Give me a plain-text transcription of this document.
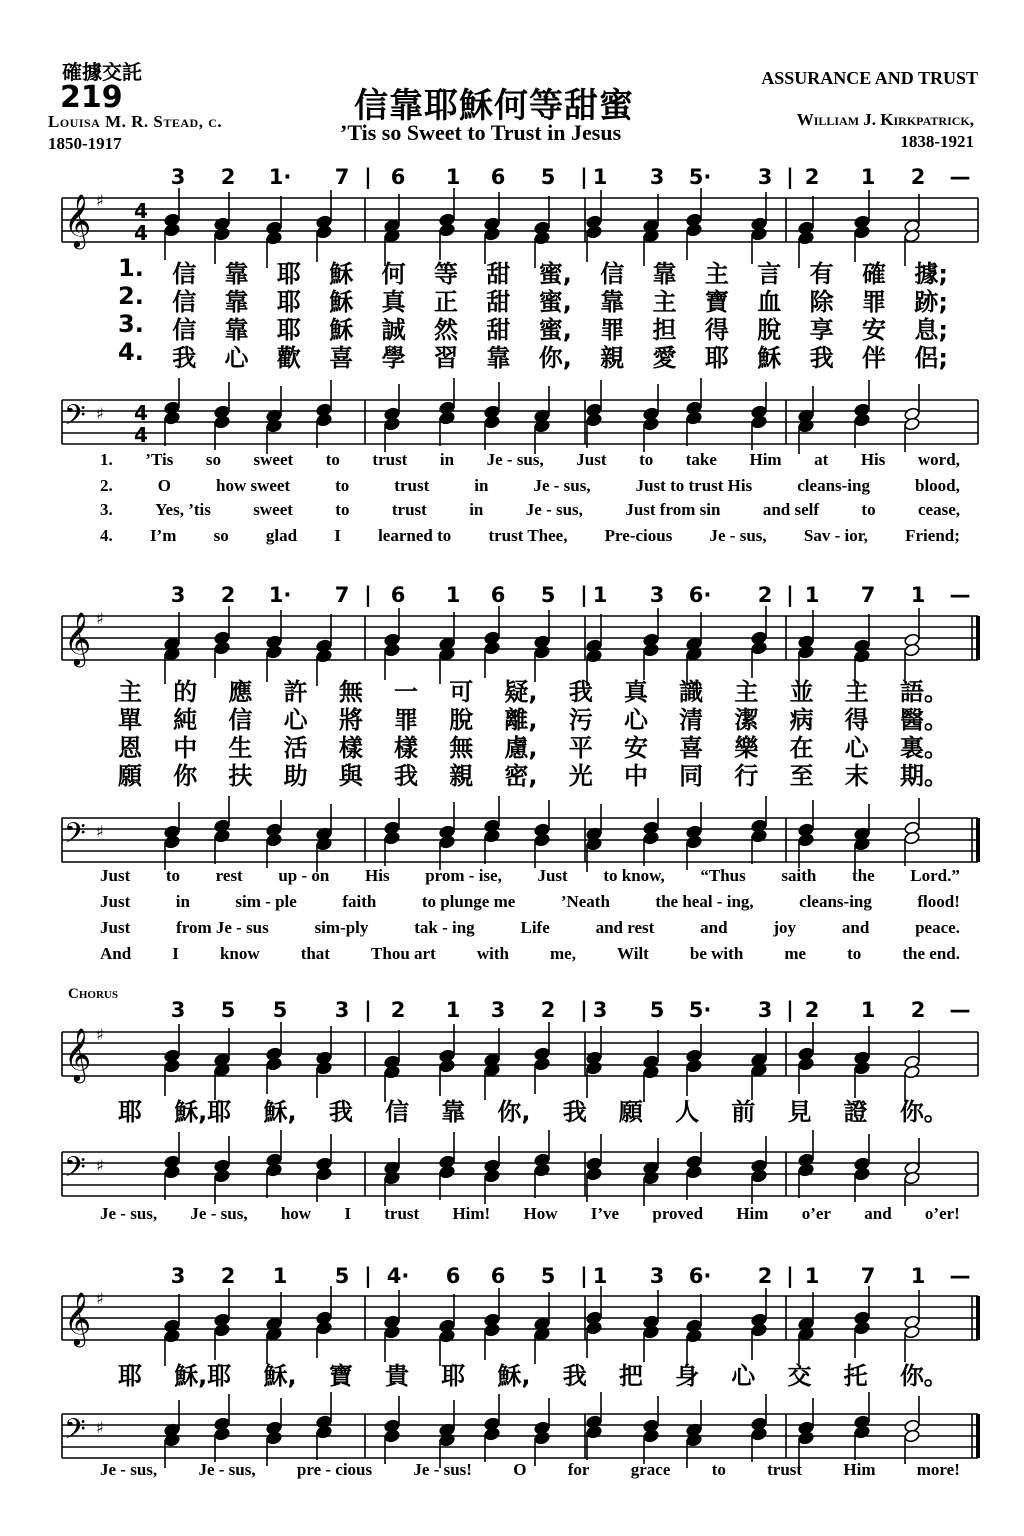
確據交託
219
Louisa M. R. Stead, c.
1850-1917
信靠耶穌何等甜蜜
’Tis so Sweet to Trust in Jesus
ASSURANCE AND TRUST
William J. Kirkpatrick,
1838-1921
Chorus
𝄞 ♯
𝄢 ♯
4
4
4
4
𝄞 ♯
𝄢 ♯
𝄞 ♯
𝄢 ♯
𝄞 ♯
𝄢 ♯
3 2 1· 7 | 6 1 6 5 | 1 3 5· 3 | 2 1 2 —
1. 信 靠 耶 穌 何 等 甜 蜜, 信 靠 主 言 有 確 據;
2. 信 靠 耶 穌 真 正 甜 蜜, 靠 主 寶 血 除 罪 跡;
3. 信 靠 耶 穌 誠 然 甜 蜜, 罪 担 得 脫 享 安 息;
4. 我 心 歡 喜 學 習 靠 你, 親 愛 耶 穌 我 伴 侶;
1. ’Tis so sweet to trust in Je - sus, Just to take Him at His word,
2.	O	how sweet	to	trust	in	Je - sus,	Just to trust His	cleans-ing	blood,
3. Yes, ’tis sweet to trust in Je - sus, Just from sin and self to cease,
4. I’m so glad I learned to trust Thee, Pre-cious Je - sus, Sav - ior, Friend;
3 2 1· 7 | 6 1 6 5 | 1 3 6· 2 | 1 7 1 —
主 的 應 許 無 一 可 疑, 我 真 識 主 並 主 語。
單 純 信 心 將 罪 脫 離, 污 心 清 潔 病 得 醫。
恩 中 生 活 樣 樣 無 慮, 平 安 喜 樂 在 心 裏。
願 你 扶 助 與 我 親 密, 光 中 同 行 至 末 期。
Just to rest up - on His prom - ise, Just to know, “Thus saith the Lord.”
Just	in	sim - ple	faith	to plunge me	’Neath	the heal - ing,	cleans-ing	flood!
Just	from Je - sus	sim-ply	tak - ing	Life	and rest	and	joy	and	peace.
And I know that Thou art with me, Wilt be with me to the end.
3 5 5 3 | 2 1 3 2 | 3 5 5· 3 | 2 1 2 —
耶 穌,耶 穌, 我 信 靠 你, 我 願 人 前 見 證 你。
Je - sus, Je - sus, how I trust Him! How I’ve proved Him o’er and o’er!
3 2 1 5 | 4· 6 6 5 | 1 3 6· 2 | 1 7 1 —
耶 穌,耶 穌, 寶 貴 耶 穌, 我 把 身 心 交 托 你。
Je - sus, Je - sus, pre - cious Je - sus! O for grace to trust Him more!
